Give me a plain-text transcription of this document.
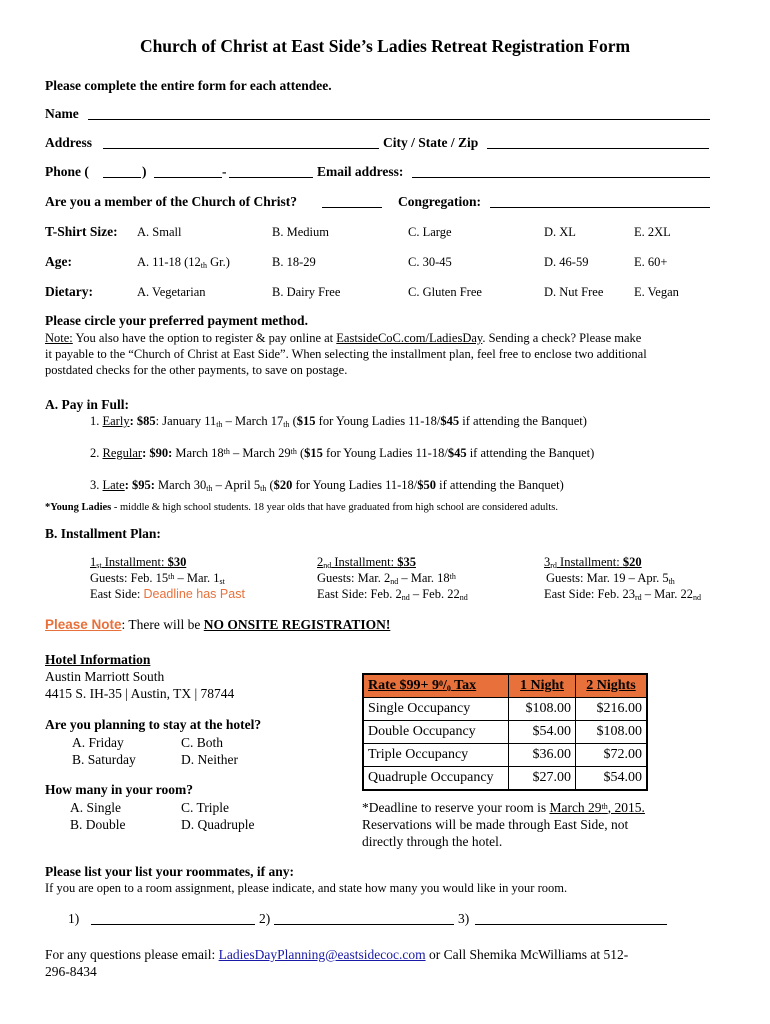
Church of Christ at East Side’s Ladies Retreat Registration Form
Please complete the entire form for each attendee.
Name
Address	City / State / Zip
Phone (	)	-	Email address:
Are you a member of the Church of Christ?	Congregation:
T-Shirt Size: A. Small	B. Medium	C. Large	D. XL	E. 2XL
Age:	A. 11-18 ($12_{th}$ Gr.)	B. 18-29	C. 30-45	D. 46-59	E. 60+
Dietary:	A. Vegetarian	B. Dairy Free	C. Gluten Free	D. Nut Free E. Vegan
Please circle your preferred payment method.
Note: You also have the option to register & pay online at EastsideCoC.com/LadiesDay. Sending a check? Please make
it payable to the “Church of Christ at East Side”. When selecting the installment plan, feel free to enclose two additional
postdated checks for the other payments, to save on postage.
A. Pay in Full:
1. Early: $85: January $11_{th}$ – March $17_{th}$ ($15 for Young Ladies 11-18/$45 if attending the Banquet)
2. Regular: $90: March 18th – March 29th ($15 for Young Ladies 11-18/$45 if attending the Banquet)
3. Late: $95: March $30_{th}$ – April $5_{th}$ ($20 for Young Ladies 11-18/$50 if attending the Banquet)
*Young Ladies - middle & high school students. 18 year olds that have graduated from high school are considered adults.
B. Installment Plan:
$1_{st}$ Installment: $30
Guests: Feb. 15th – Mar. $1_{st}$
East Side: Deadline has Past
$2_{nd}$ Installment: $35
Guests: Mar. $2_{nd}$ – Mar. 18th
East Side: Feb. $2_{nd}$ – Feb. $22_{nd}$
$3_{rd}$ Installment: $20
Guests: Mar. 19 – Apr. $5_{th}$
East Side: Feb. $23_{rd}$ – Mar. $22_{nd}$
Please Note: There will be NO ONSITE REGISTRATION!
Hotel Information
Austin Marriott South
4415 S. IH-35 | Austin, TX | 78744
Are you planning to stay at the hotel?
A. Friday	C. Both
B. Saturday	D. Neither
How many in your room?
A. Single	C. Triple
B. Double	D. Quadruple
Rate $99+ $9^0/_0$ Tax	1 Night	2 Nights
Single Occupancy	$108.00	$216.00
Double Occupancy	$54.00	$108.00
Triple Occupancy	$36.00	$72.00
Quadruple Occupancy	$27.00	$54.00
*Deadline to reserve your room is March 29th, 2015.
Reservations will be made through East Side, not
directly through the hotel.
Please list your list your roommates, if any:
If you are open to a room assignment, please indicate, and state how many you would like in your room.
1)	2)	3)
For any questions please email: LadiesDayPlanning@eastsidecoc.com or Call Shemika McWilliams at 512-
296-8434
